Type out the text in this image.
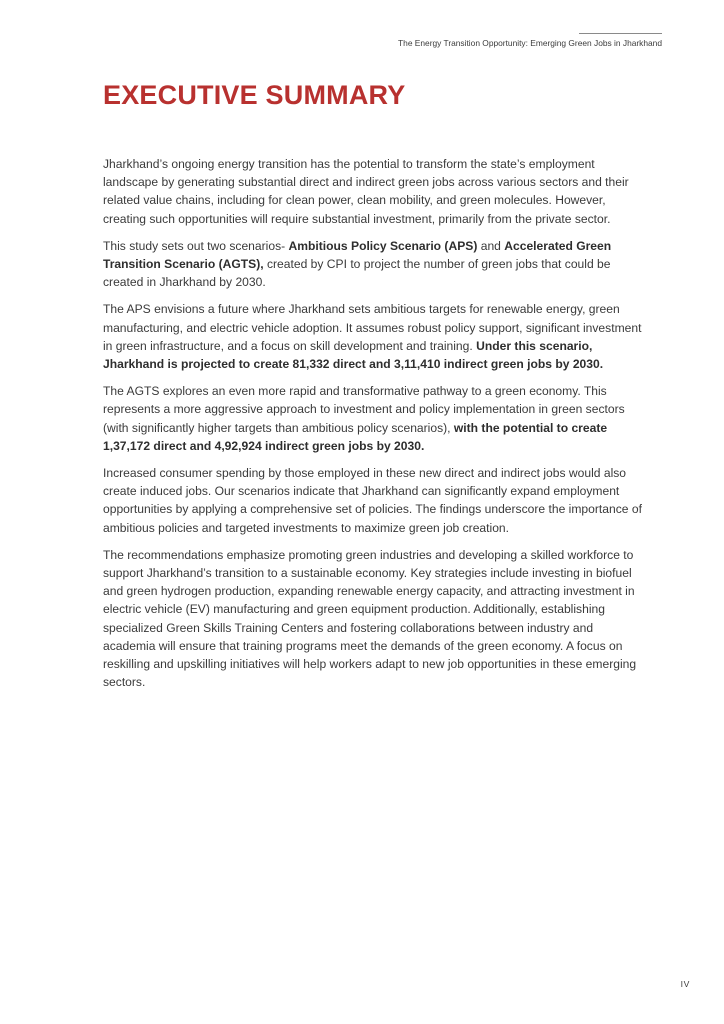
The Energy Transition Opportunity: Emerging Green Jobs in Jharkhand
EXECUTIVE SUMMARY

Jharkhand’s ongoing energy transition has the potential to transform the state’s employment landscape by generating substantial direct and indirect green jobs across various sectors and their related value chains, including for clean power, clean mobility, and green molecules. However, creating such opportunities will require substantial investment, primarily from the private sector.

This study sets out two scenarios- Ambitious Policy Scenario (APS) and Accelerated Green Transition Scenario (AGTS), created by CPI to project the number of green jobs that could be created in Jharkhand by 2030.

The APS envisions a future where Jharkhand sets ambitious targets for renewable energy, green manufacturing, and electric vehicle adoption. It assumes robust policy support, significant investment in green infrastructure, and a focus on skill development and training. Under this scenario, Jharkhand is projected to create 81,332 direct and 3,11,410 indirect green jobs by 2030.

The AGTS explores an even more rapid and transformative pathway to a green economy. This represents a more aggressive approach to investment and policy implementation in green sectors (with significantly higher targets than ambitious policy scenarios), with the potential to create 1,37,172 direct and 4,92,924 indirect green jobs by 2030.

Increased consumer spending by those employed in these new direct and indirect jobs would also create induced jobs. Our scenarios indicate that Jharkhand can significantly expand employment opportunities by applying a comprehensive set of policies. The findings underscore the importance of ambitious policies and targeted investments to maximize green job creation.

The recommendations emphasize promoting green industries and developing a skilled workforce to support Jharkhand’s transition to a sustainable economy. Key strategies include investing in biofuel and green hydrogen production, expanding renewable energy capacity, and attracting investment in electric vehicle (EV) manufacturing and green equipment production. Additionally, establishing specialized Green Skills Training Centers and fostering collaborations between industry and academia will ensure that training programs meet the demands of the green economy. A focus on reskilling and upskilling initiatives will help workers adapt to new job opportunities in these emerging sectors.

IV
